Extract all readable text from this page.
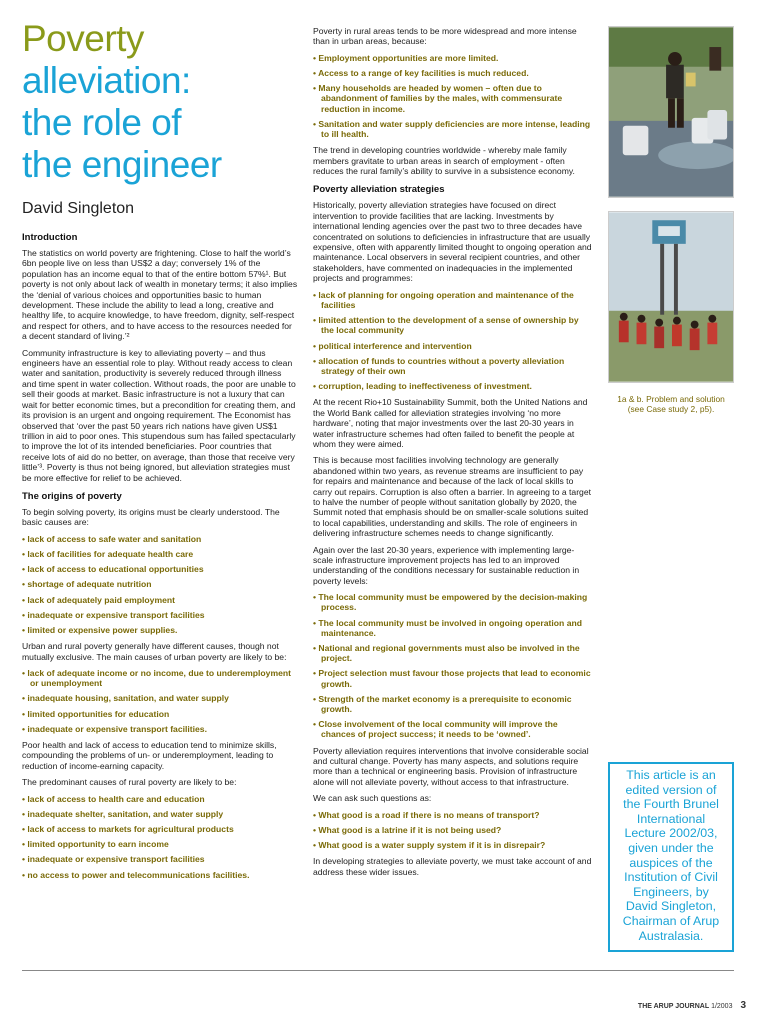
Poverty
alleviation:
the role of
the engineer
David Singleton
Introduction

The statistics on world poverty are frightening. Close to half the world’s 6bn people live on less than US$2 a day; conversely 1% of the population has an income equal to that of the entire bottom 57%¹. But poverty is not only about lack of wealth in monetary terms; it also implies the ‘denial of various choices and opportunities basic to human development. These include the ability to lead a long, creative and healthy life, to acquire knowledge, to have freedom, dignity, self-respect and respect for others, and to have access to the resources needed for a decent standard of living.’²

Community infrastructure is key to alleviating poverty – and thus engineers have an essential role to play. Without ready access to clean water and sanitation, productivity is severely reduced through illness and time spent in water collection. Without roads, the poor are unable to sell their goods at market. Basic infrastructure is not a luxury that can wait for better economic times, but a precondition for creating them, and its provision is an urgent and ongoing requirement. The Economist has observed that ‘over the past 50 years rich nations have given US$1 trillion in aid to poor ones. This stupendous sum has failed spectacularly to improve the lot of its intended beneficiaries. Poor countries that receive lots of aid do no better, on average, than those that receive very little’³. Poverty is thus not being ignored, but alleviation strategies must be more effective for relief to be achieved.

The origins of poverty

To begin solving poverty, its origins must be clearly understood. The basic causes are:

• lack of access to safe water and sanitation
• lack of facilities for adequate health care
• lack of access to educational opportunities
• shortage of adequate nutrition
• lack of adequately paid employment
• inadequate or expensive transport facilities
• limited or expensive power supplies.

Urban and rural poverty generally have different causes, though not mutually exclusive. The main causes of urban poverty are likely to be:

• lack of adequate income or no income, due to underemployment or unemployment
• inadequate housing, sanitation, and water supply
• limited opportunities for education
• inadequate or expensive transport facilities.

Poor health and lack of access to education tend to minimize skills, compounding the problems of un- or underemployment, leading to reduction of income-earning capacity.

The predominant causes of rural poverty are likely to be:

• lack of access to health care and education
• inadequate shelter, sanitation, and water supply
• lack of access to markets for agricultural products
• limited opportunity to earn income
• inadequate or expensive transport facilities
• no access to power and telecommunications facilities.

Poverty in rural areas tends to be more widespread and more intense than in urban areas, because:

• Employment opportunities are more limited.
• Access to a range of key facilities is much reduced.
• Many households are headed by women – often due to abandonment of families by the males, with commensurate reduction in income.
• Sanitation and water supply deficiencies are more intense, leading to ill health.

The trend in developing countries worldwide - whereby male family members gravitate to urban areas in search of employment - often reduces the rural family’s ability to survive in a subsistence economy.

Poverty alleviation strategies

Historically, poverty alleviation strategies have focused on direct intervention to provide facilities that are lacking. Investments by international lending agencies over the past two to three decades have concentrated on solutions to deficiencies in infrastructure that are usually expensive, often with apparently limited thought to ongoing operation and maintenance. Local observers in several recipient countries, and other stakeholders, have commented on inadequacies in the implemented projects and programmes:

• lack of planning for ongoing operation and maintenance of the facilities
• limited attention to the development of a sense of ownership by the local community
• political interference and intervention
• allocation of funds to countries without a poverty alleviation strategy of their own
• corruption, leading to ineffectiveness of investment.

At the recent Rio+10 Sustainability Summit, both the United Nations and the World Bank called for alleviation strategies involving ‘no more hardware’, noting that major investments over the last 20-30 years in water infrastructure schemes had often failed to benefit the people at whom they were aimed.

This is because most facilities involving technology are generally abandoned within two years, as revenue streams are insufficient to pay for repairs and maintenance and because of the lack of local skills to carry out repairs. Corruption is also often a barrier. In agreeing to a target to halve the number of people without sanitation globally by 2020, the Summit noted that emphasis should be on smaller-scale solutions suited to local capabilities, understanding and skills. The role of engineers in delivering infrastructure schemes needs to change significantly.

Again over the last 20-30 years, experience with implementing large-scale infrastructure improvement projects has led to an improved understanding of the conditions necessary for sustainable reduction in poverty levels:

• The local community must be empowered by the decision-making process.
• The local community must be involved in ongoing operation and maintenance.
• National and regional governments must also be involved in the project.
• Project selection must favour those projects that lead to economic growth.
• Strength of the market economy is a prerequisite to economic growth.
• Close involvement of the local community will improve the chances of project success; it needs to be ‘owned’.

Poverty alleviation requires interventions that involve considerable social and cultural change. Poverty has many aspects, and solutions require more than a technical or engineering basis. Provision of infrastructure alone will not alleviate poverty, without access to that infrastructure.

We can ask such questions as:

• What good is a road if there is no means of transport?
• What good is a latrine if it is not being used?
• What good is a water supply system if it is in disrepair?

In developing strategies to alleviate poverty, we must take account of and address these wider issues.

1a & b. Problem and solution (see Case study 2, p5).
This article is an edited version of the Fourth Brunel International Lecture 2002/03, given under the auspices of the Institution of Civil Engineers, by David Singleton, Chairman of Arup Australasia.
THE ARUP JOURNAL 1/2003 3
